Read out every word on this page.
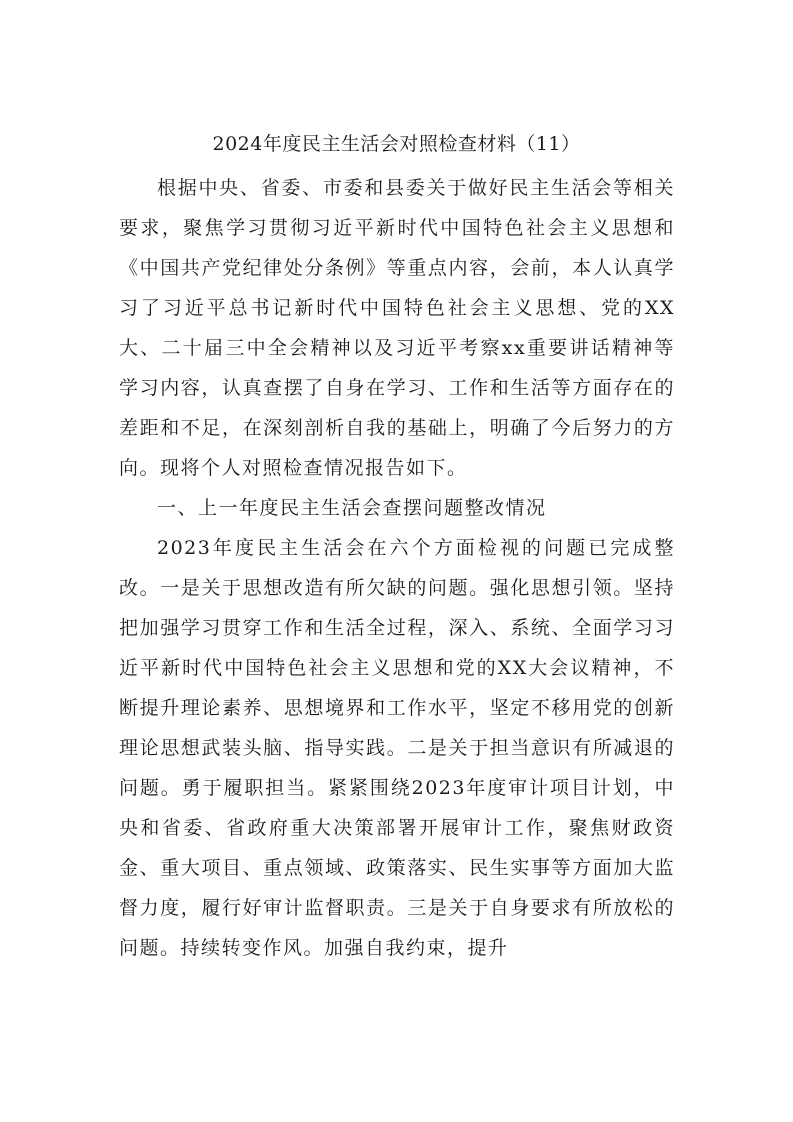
2024年度民主生活会对照检查材料（11）

根据中央、省委、市委和县委关于做好民主生活会等相关要求，聚焦学习贯彻习近平新时代中国特色社会主义思想和《中国共产党纪律处分条例》等重点内容，会前，本人认真学习了习近平总书记新时代中国特色社会主义思想、党的XX大、二十届三中全会精神以及习近平考察xx重要讲话精神等学习内容，认真查摆了自身在学习、工作和生活等方面存在的差距和不足，在深刻剖析自我的基础上，明确了今后努力的方向。现将个人对照检查情况报告如下。

一、上一年度民主生活会查摆问题整改情况

2023年度民主生活会在六个方面检视的问题已完成整改。一是关于思想改造有所欠缺的问题。强化思想引领。坚持把加强学习贯穿工作和生活全过程，深入、系统、全面学习习近平新时代中国特色社会主义思想和党的XX大会议精神，不断提升理论素养、思想境界和工作水平，坚定不移用党的创新理论思想武装头脑、指导实践。二是关于担当意识有所减退的问题。勇于履职担当。紧紧围绕2023年度审计项目计划，中央和省委、省政府重大决策部署开展审计工作，聚焦财政资金、重大项目、重点领域、政策落实、民生实事等方面加大监督力度，履行好审计监督职责。三是关于自身要求有所放松的问题。持续转变作风。加强自我约束，提升
